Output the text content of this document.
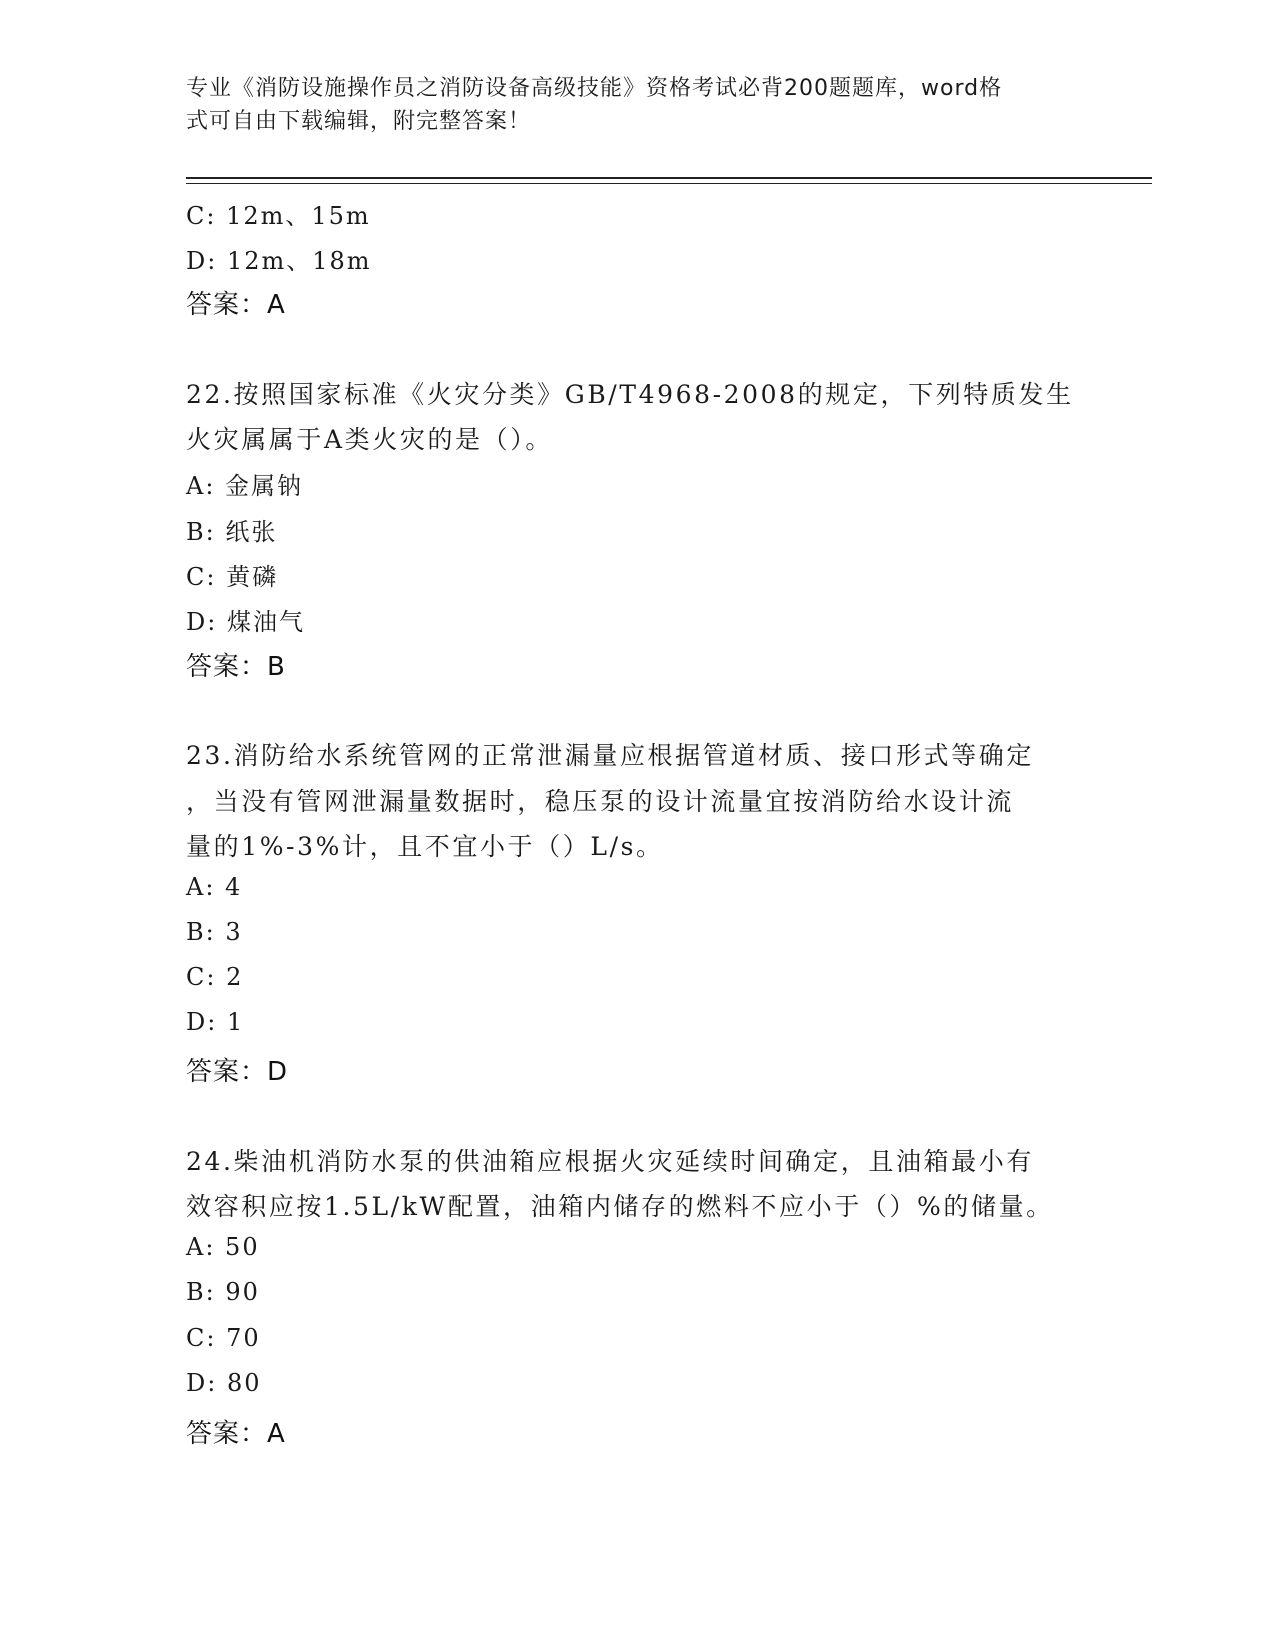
专业《消防设施操作员之消防设备高级技能》资格考试必背200题题库，word格
式可自由下载编辑，附完整答案！
C: 12m、15m
D: 12m、18m
答案：A
22.按照国家标准《火灾分类》GB/T4968-2008的规定，下列特质发生
火灾属属于A类火灾的是（）。
A: 金属钠
B: 纸张
C: 黄磷
D: 煤油气
答案：B
23.消防给水系统管网的正常泄漏量应根据管道材质、接口形式等确定
，当没有管网泄漏量数据时，稳压泵的设计流量宜按消防给水设计流
量的1%-3%计，且不宜小于（）L/s。
A: 4
B: 3
C: 2
D: 1
答案：D
24.柴油机消防水泵的供油箱应根据火灾延续时间确定，且油箱最小有
效容积应按1.5L/kW配置，油箱内储存的燃料不应小于（）%的储量。
A: 50
B: 90
C: 70
D: 80
答案：A
